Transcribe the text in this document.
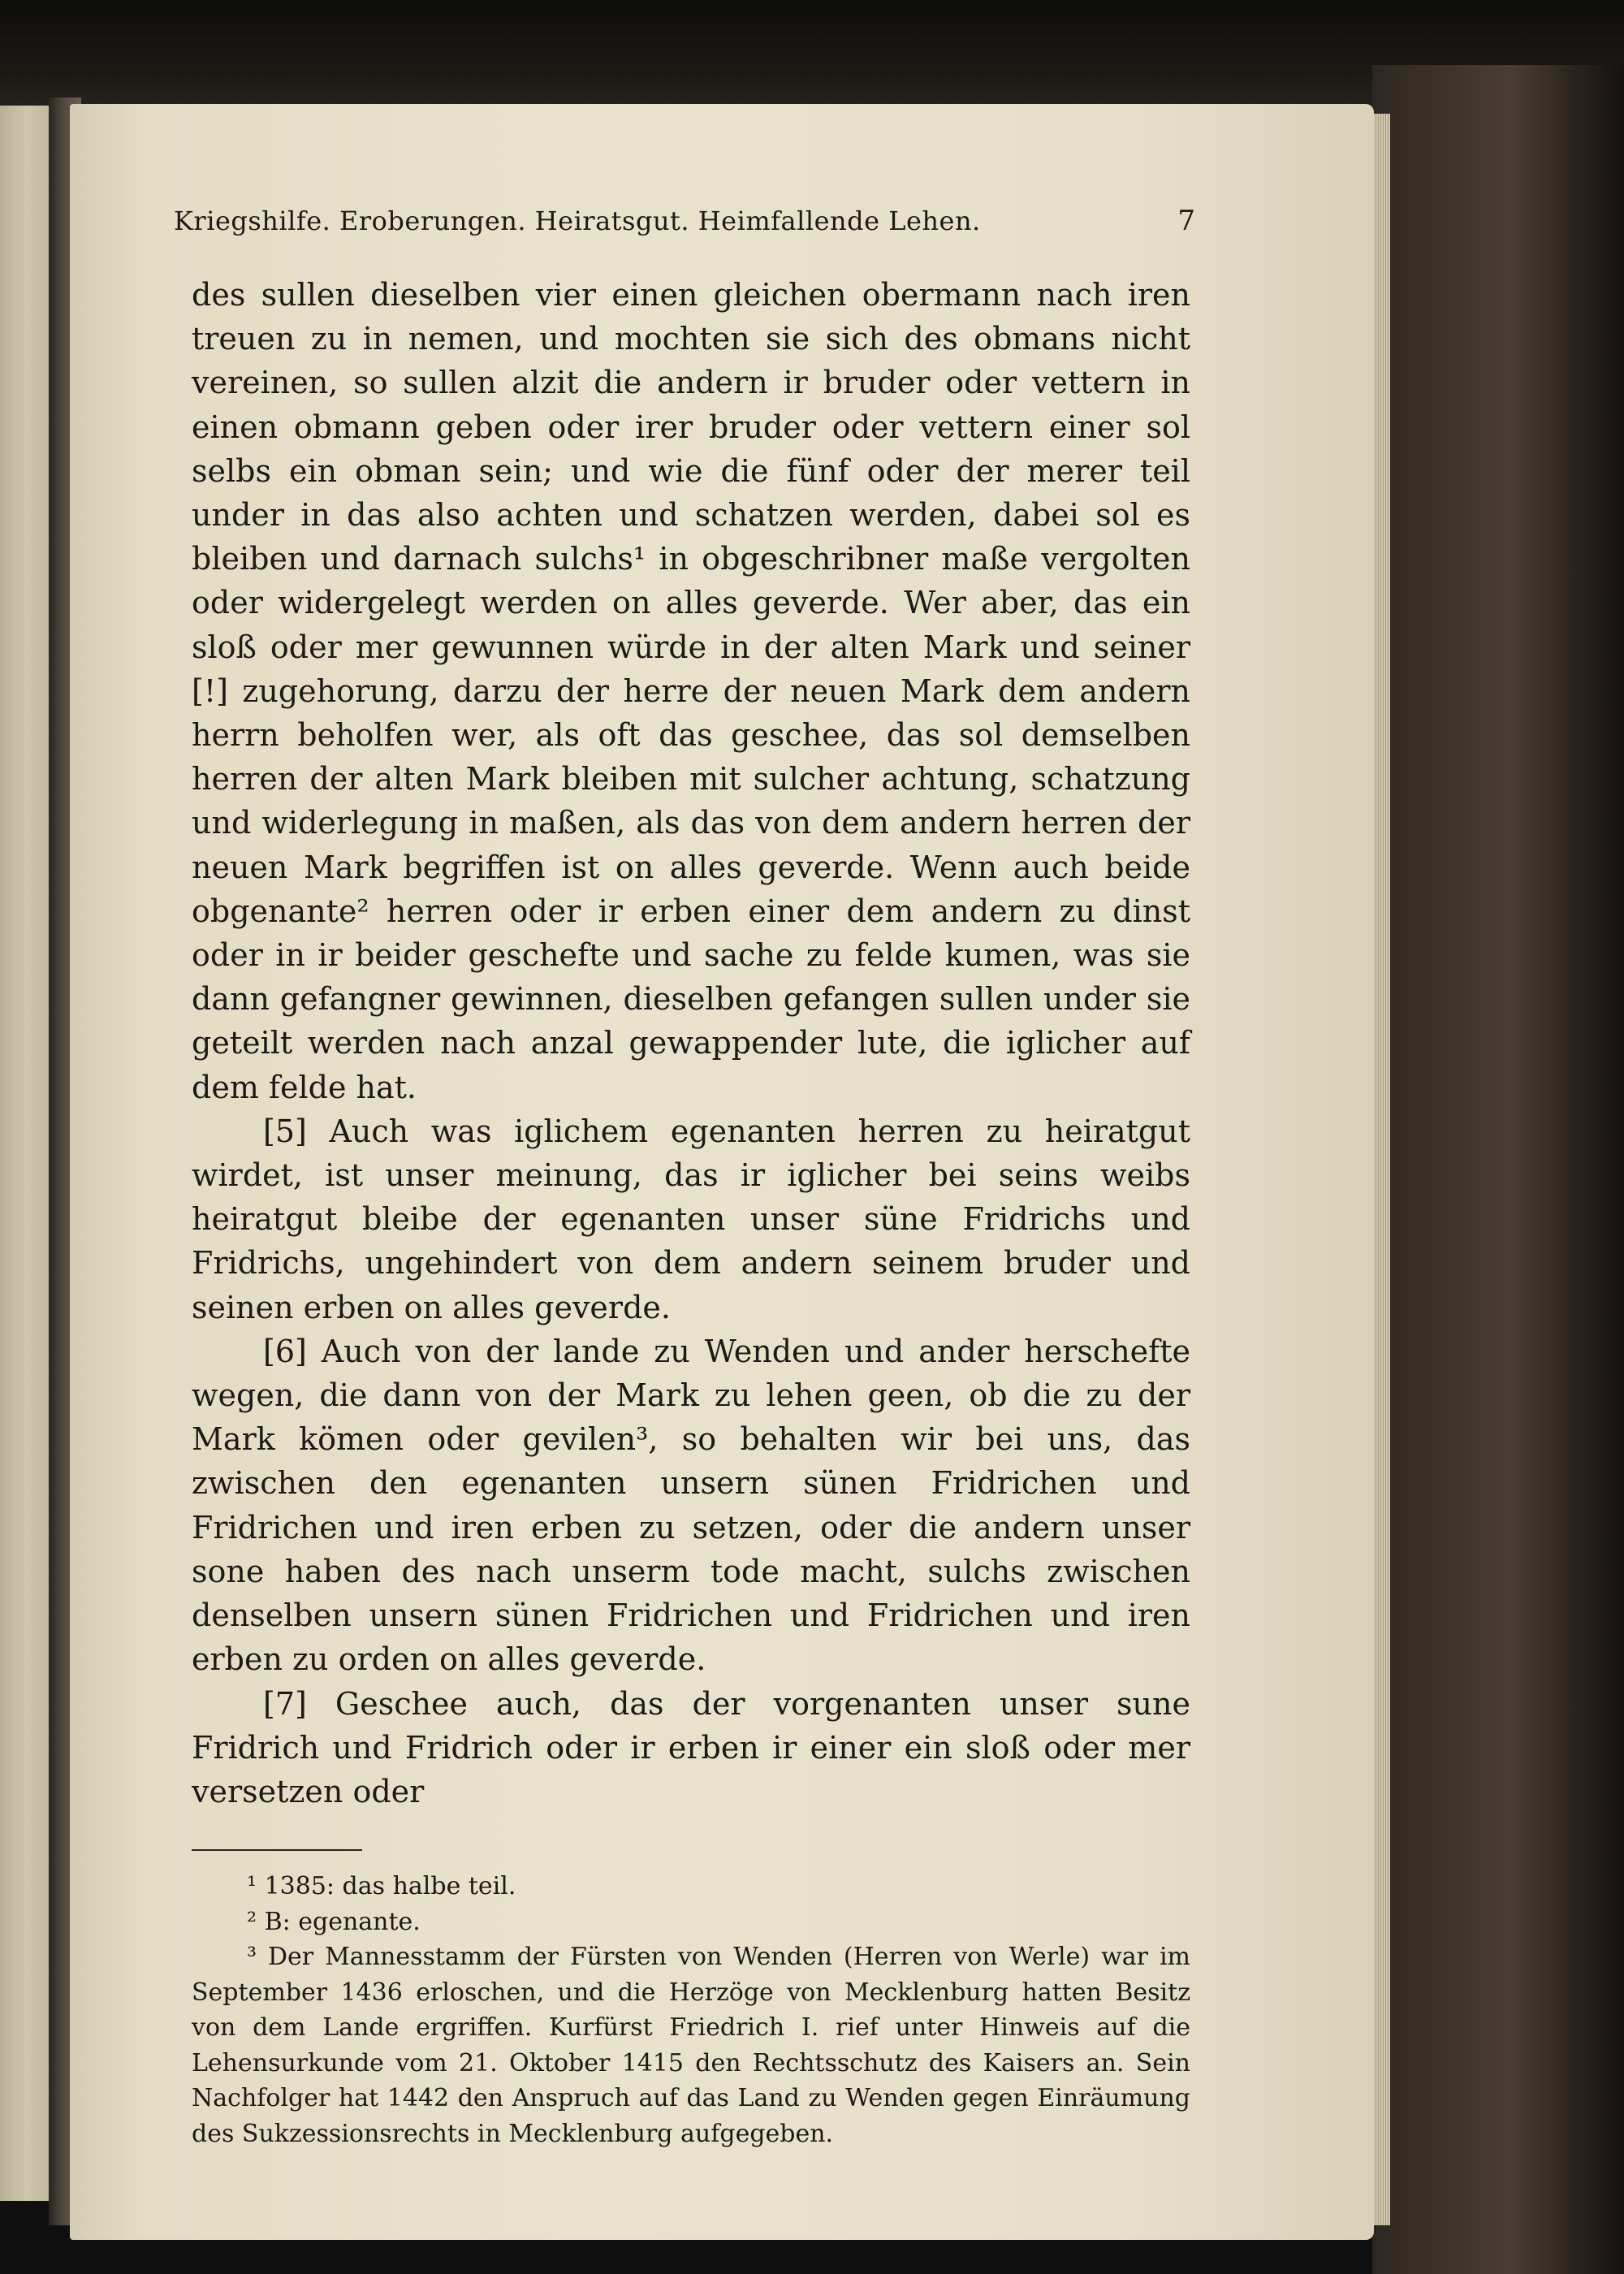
Kriegshilfe. Eroberungen. Heiratsgut. Heimfallende Lehen.	7

des sullen dieselben vier einen gleichen obermann nach iren treuen zu in nemen, und mochten sie sich des obmans nicht vereinen, so sullen alzit die andern ir bruder oder vettern in einen obmann geben oder irer bruder oder vettern einer sol selbs ein obman sein; und wie die fünf oder der merer teil under in das also achten und schatzen werden, dabei sol es bleiben und darnach sulchs¹ in obgeschribner maße vergolten oder widergelegt werden on alles geverde. Wer aber, das ein sloß oder mer gewunnen würde in der alten Mark und seiner [!] zugehorung, darzu der herre der neuen Mark dem andern herrn beholfen wer, als oft das geschee, das sol demselben herren der alten Mark bleiben mit sulcher achtung, schatzung und widerlegung in maßen, als das von dem andern herren der neuen Mark begriffen ist on alles geverde. Wenn auch beide obgenante² herren oder ir erben einer dem andern zu dinst oder in ir beider geschefte und sache zu felde kumen, was sie dann gefangner gewinnen, dieselben gefangen sullen under sie geteilt werden nach anzal gewappender lute, die iglicher auf dem felde hat.

[5] Auch was iglichem egenanten herren zu heiratgut wirdet, ist unser meinung, das ir iglicher bei seins weibs heiratgut bleibe der egenanten unser süne Fridrichs und Fridrichs, ungehindert von dem andern seinem bruder und seinen erben on alles geverde.

[6] Auch von der lande zu Wenden und ander herschefte wegen, die dann von der Mark zu lehen geen, ob die zu der Mark kömen oder gevilen³, so behalten wir bei uns, das zwischen den egenanten unsern sünen Fridrichen und Fridrichen und iren erben zu setzen, oder die andern unser sone haben des nach unserm tode macht, sulchs zwischen denselben unsern sünen Fridrichen und Fridrichen und iren erben zu orden on alles geverde.

[7] Geschee auch, das der vorgenanten unser sune Fridrich und Fridrich oder ir erben ir einer ein sloß oder mer versetzen oder

¹ 1385: das halbe teil.

² B: egenante.

³ Der Mannesstamm der Fürsten von Wenden (Herren von Werle) war im September 1436 erloschen, und die Herzöge von Mecklenburg hatten Besitz von dem Lande ergriffen. Kurfürst Friedrich I. rief unter Hinweis auf die Lehensurkunde vom 21. Oktober 1415 den Rechtsschutz des Kaisers an. Sein Nachfolger hat 1442 den Anspruch auf das Land zu Wenden gegen Einräumung des Sukzessionsrechts in Mecklenburg aufgegeben.
